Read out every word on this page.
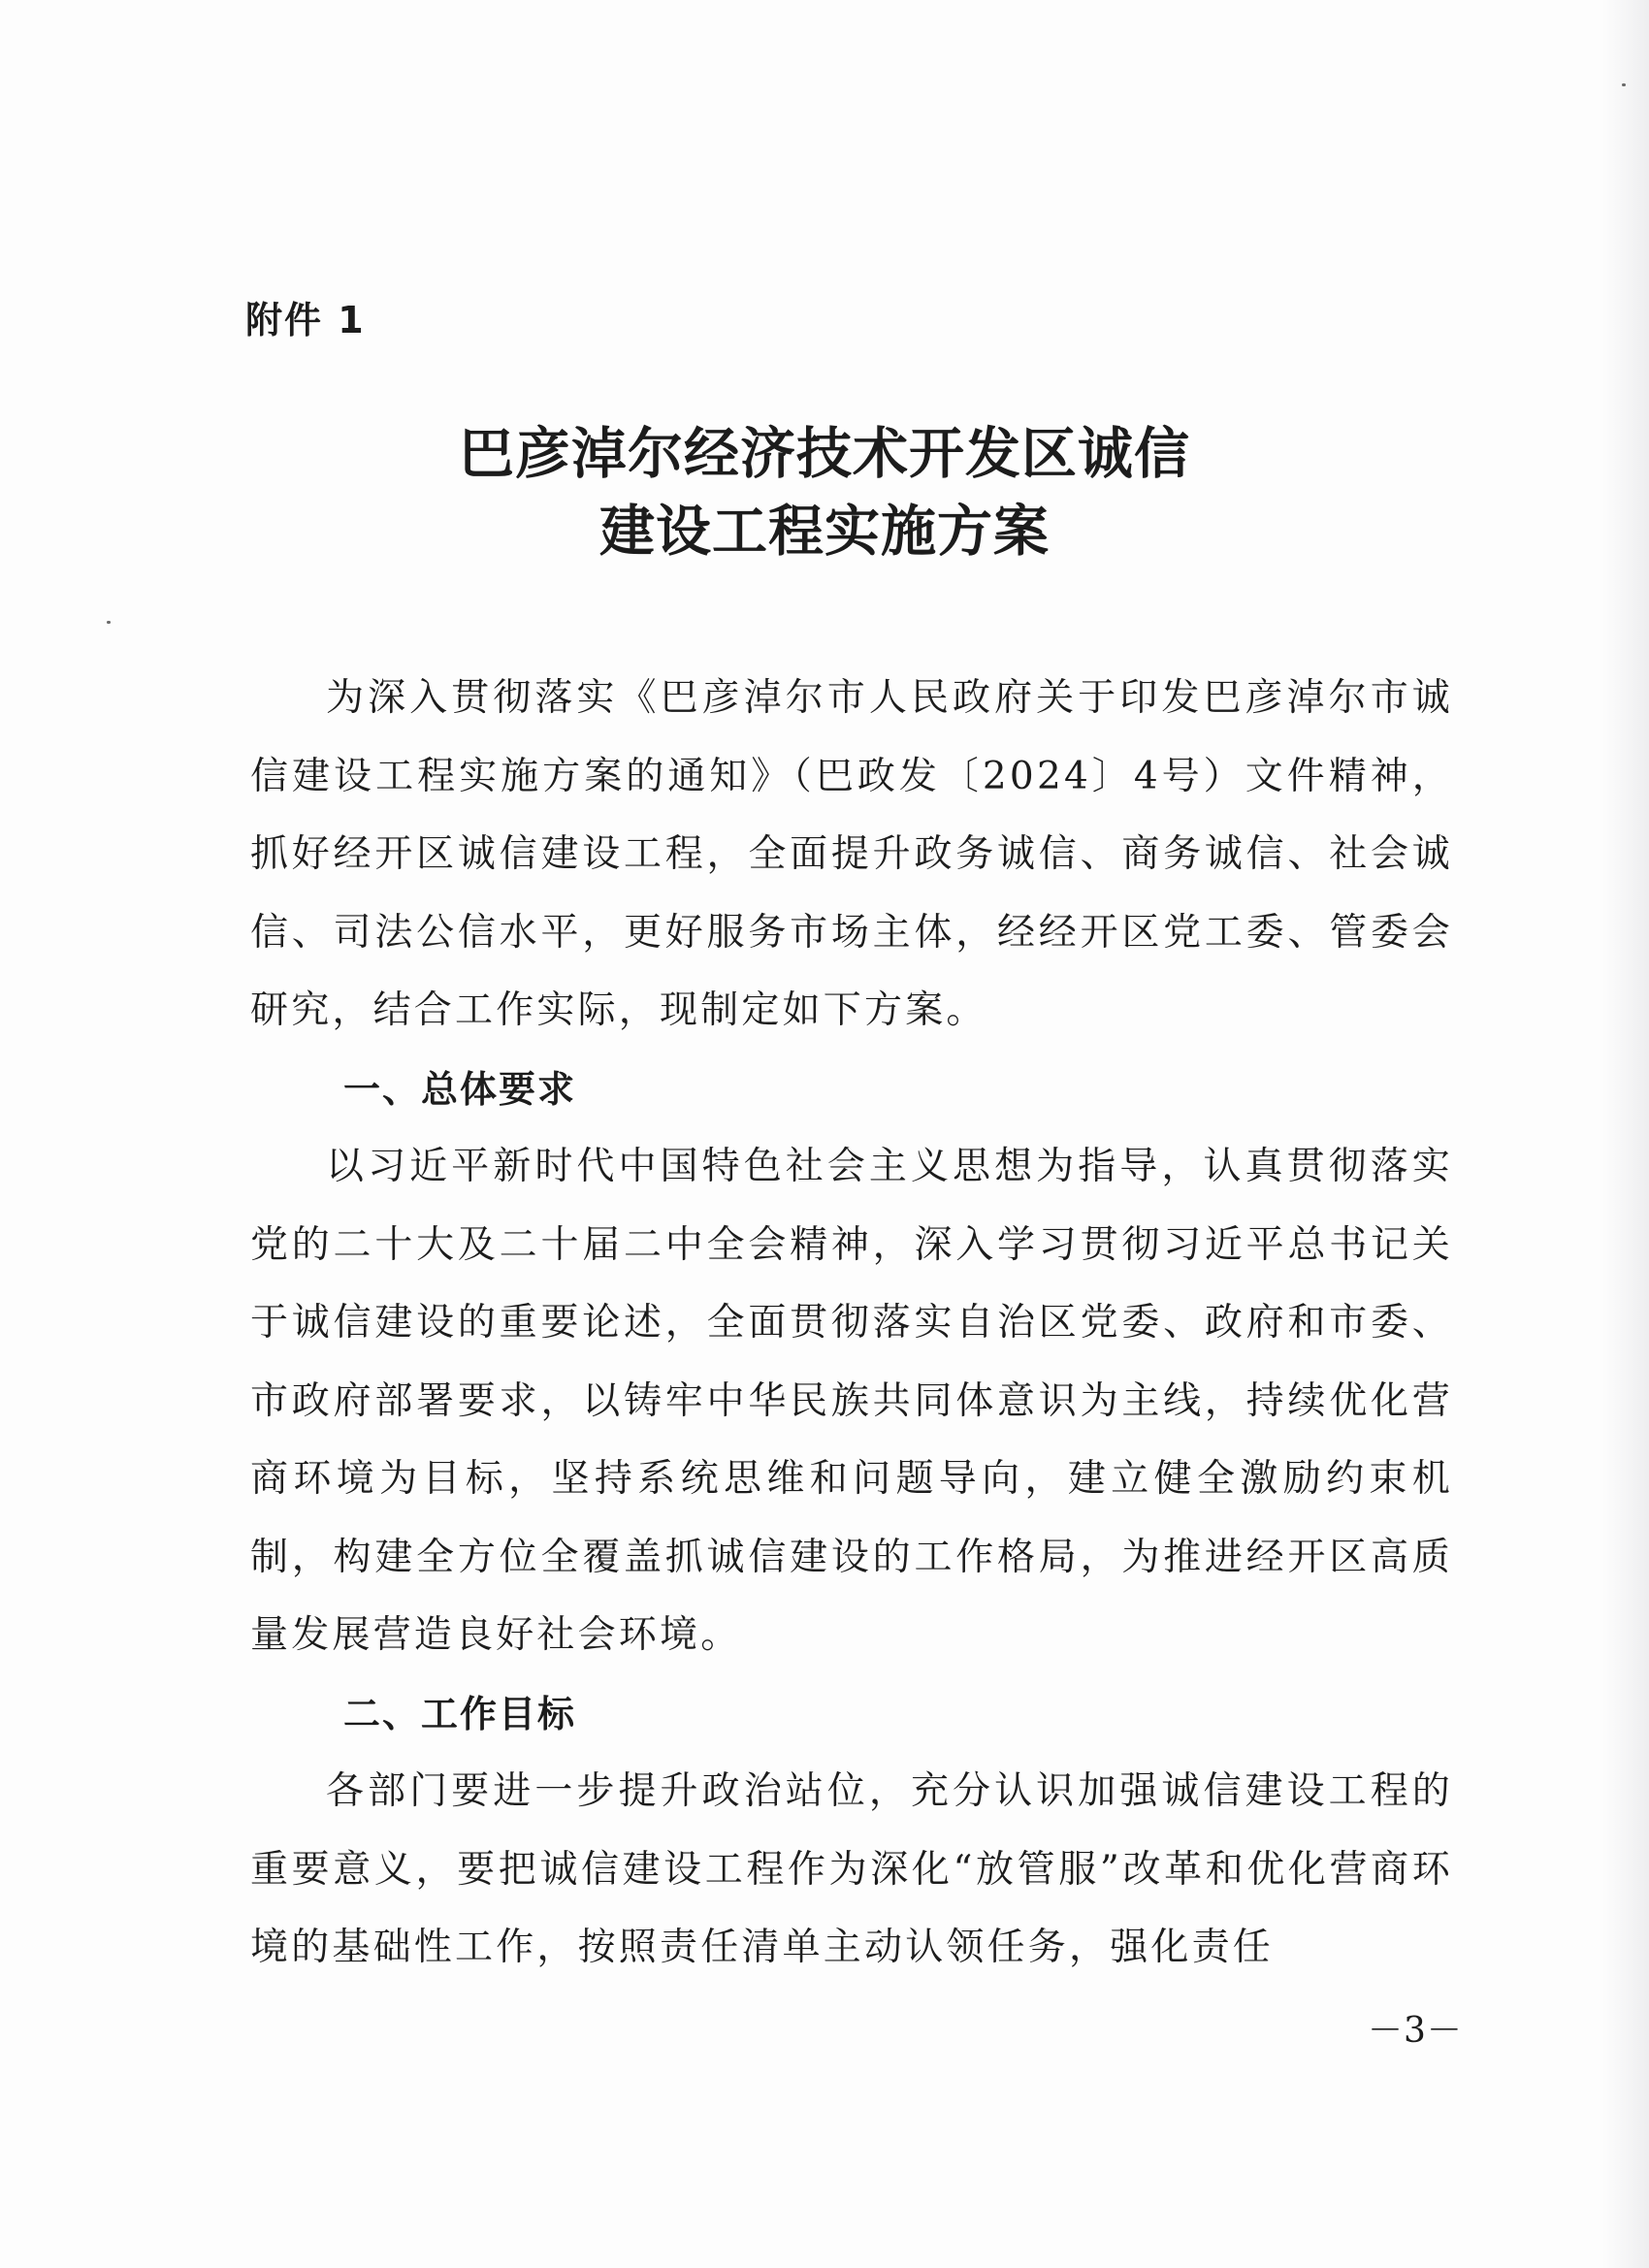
附件 1
巴彦淖尔经济技术开发区诚信
建设工程实施方案

为深入贯彻落实《巴彦淖尔市人民政府关于印发巴彦淖尔市诚信建设工程实施方案的通知》（巴政发〔2024〕4号）文件精神，抓好经开区诚信建设工程，全面提升政务诚信、商务诚信、社会诚信、司法公信水平，更好服务市场主体，经经开区党工委、管委会研究，结合工作实际，现制定如下方案。

一、总体要求

以习近平新时代中国特色社会主义思想为指导，认真贯彻落实党的二十大及二十届二中全会精神，深入学习贯彻习近平总书记关于诚信建设的重要论述，全面贯彻落实自治区党委、政府和市委、市政府部署要求，以铸牢中华民族共同体意识为主线，持续优化营商环境为目标，坚持系统思维和问题导向，建立健全激励约束机制，构建全方位全覆盖抓诚信建设的工作格局，为推进经开区高质量发展营造良好社会环境。

二、工作目标

各部门要进一步提升政治站位，充分认识加强诚信建设工程的重要意义，要把诚信建设工程作为深化“放管服”改革和优化营商环境的基础性工作，按照责任清单主动认领任务，强化责任

－3－
